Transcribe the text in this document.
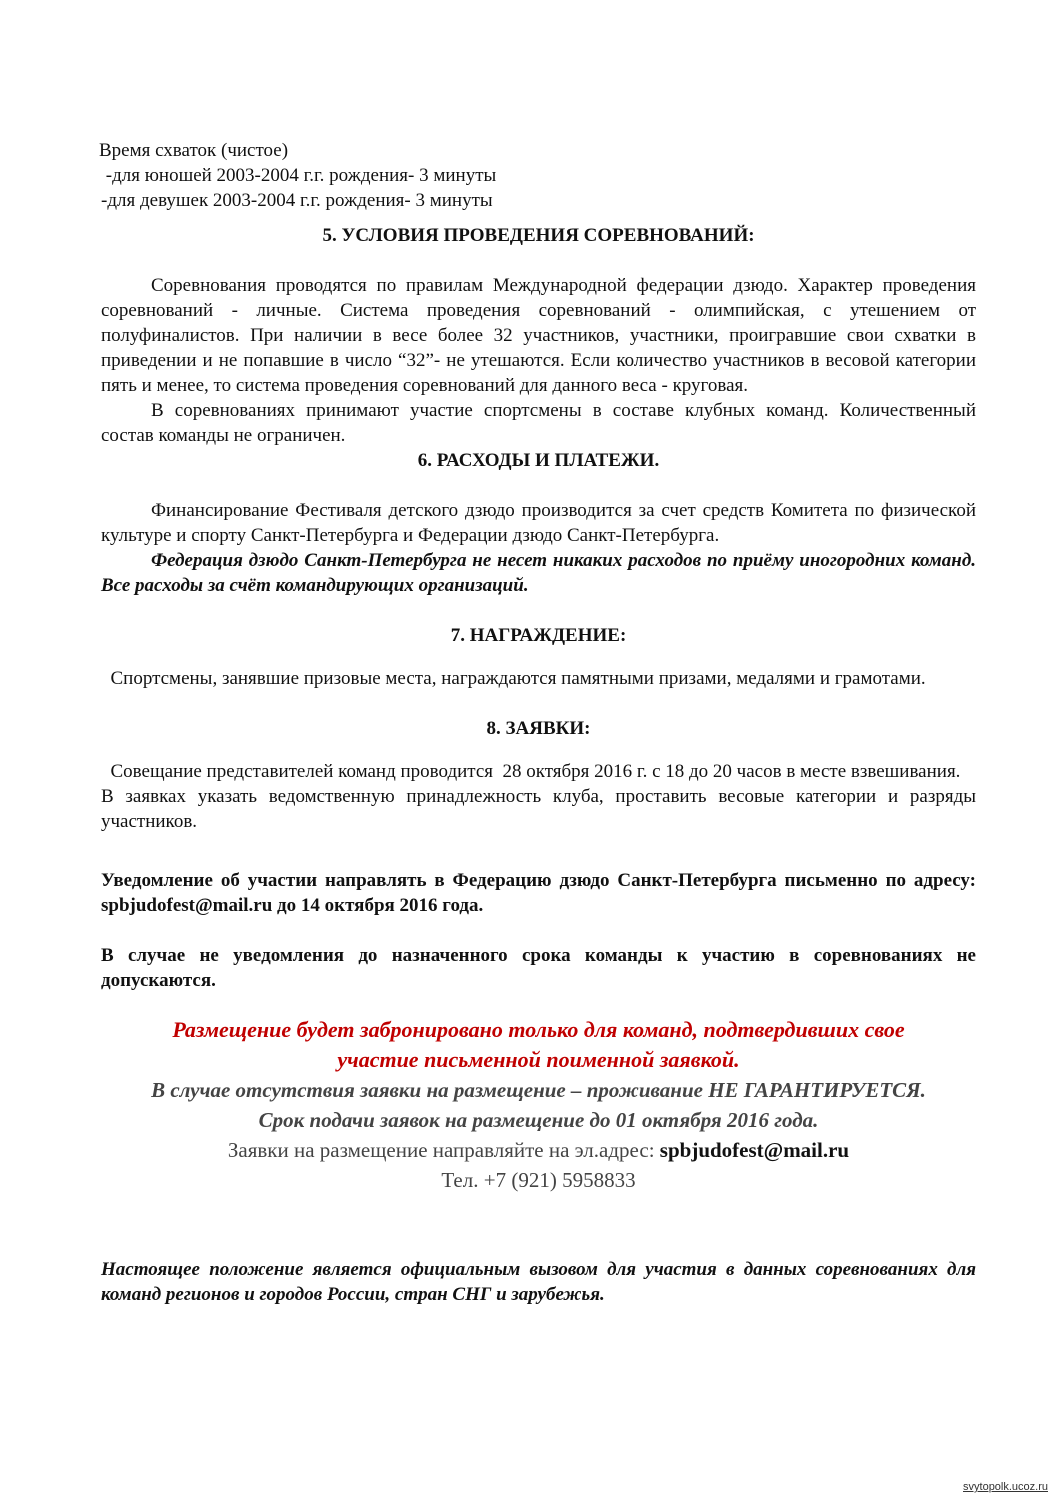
Время схваток (чистое)

-для юношей 2003-2004 г.г. рождения- 3 минуты

-для девушек 2003-2004 г.г. рождения- 3 минуты

5. УСЛОВИЯ ПРОВЕДЕНИЯ СОРЕВНОВАНИЙ:

Соревнования проводятся по правилам Международной федерации дзюдо. Характер проведения соревнований - личные. Система проведения соревнований - олимпийская, с утешением от полуфиналистов. При наличии в весе более 32 участников, участники, проигравшие свои схватки в приведении и не попавшие в число “32”- не утешаются. Если количество участников в весовой категории пять и менее, то система проведения соревнований для данного веса - круговая.

В соревнованиях принимают участие спортсмены в составе клубных команд. Количественный состав команды не ограничен.

6. РАСХОДЫ И ПЛАТЕЖИ.

Финансирование Фестиваля детского дзюдо производится за счет средств Комитета по физической культуре и спорту Санкт-Петербурга и Федерации дзюдо Санкт-Петербурга.

Федерация дзюдо Санкт-Петербурга не несет никаких расходов по приёму иногородних команд. Все расходы за счёт командирующих организаций.

7. НАГРАЖДЕНИЕ:

Спортсмены, занявшие призовые места, награждаются памятными призами, медалями и грамотами.

8. ЗАЯВКИ:

Совещание представителей команд проводится  28 октября 2016 г. с 18 до 20 часов в месте взвешивания.

В заявках указать ведомственную принадлежность клуба, проставить весовые категории и разряды участников.

Уведомление об участии направлять в Федерацию дзюдо Санкт-Петербурга письменно по адресу: spbjudofest@mail.ru до 14 октября 2016 года.

В случае не уведомления до назначенного срока команды к участию в соревнованиях не допускаются.

Размещение будет забронировано только для команд, подтвердивших свое

участие письменной поименной заявкой.

В случае отсутствия заявки на размещение – проживание НЕ ГАРАНТИРУЕТСЯ.

Срок подачи заявок на размещение до 01 октября 2016 года.

Заявки на размещение направляйте на эл.адрес: spbjudofest@mail.ru

Тел. +7 (921) 5958833

Настоящее положение является официальным вызовом для участия в данных соревнованиях для команд регионов и городов России, стран СНГ и зарубежья.

svytopolk.ucoz.ru
